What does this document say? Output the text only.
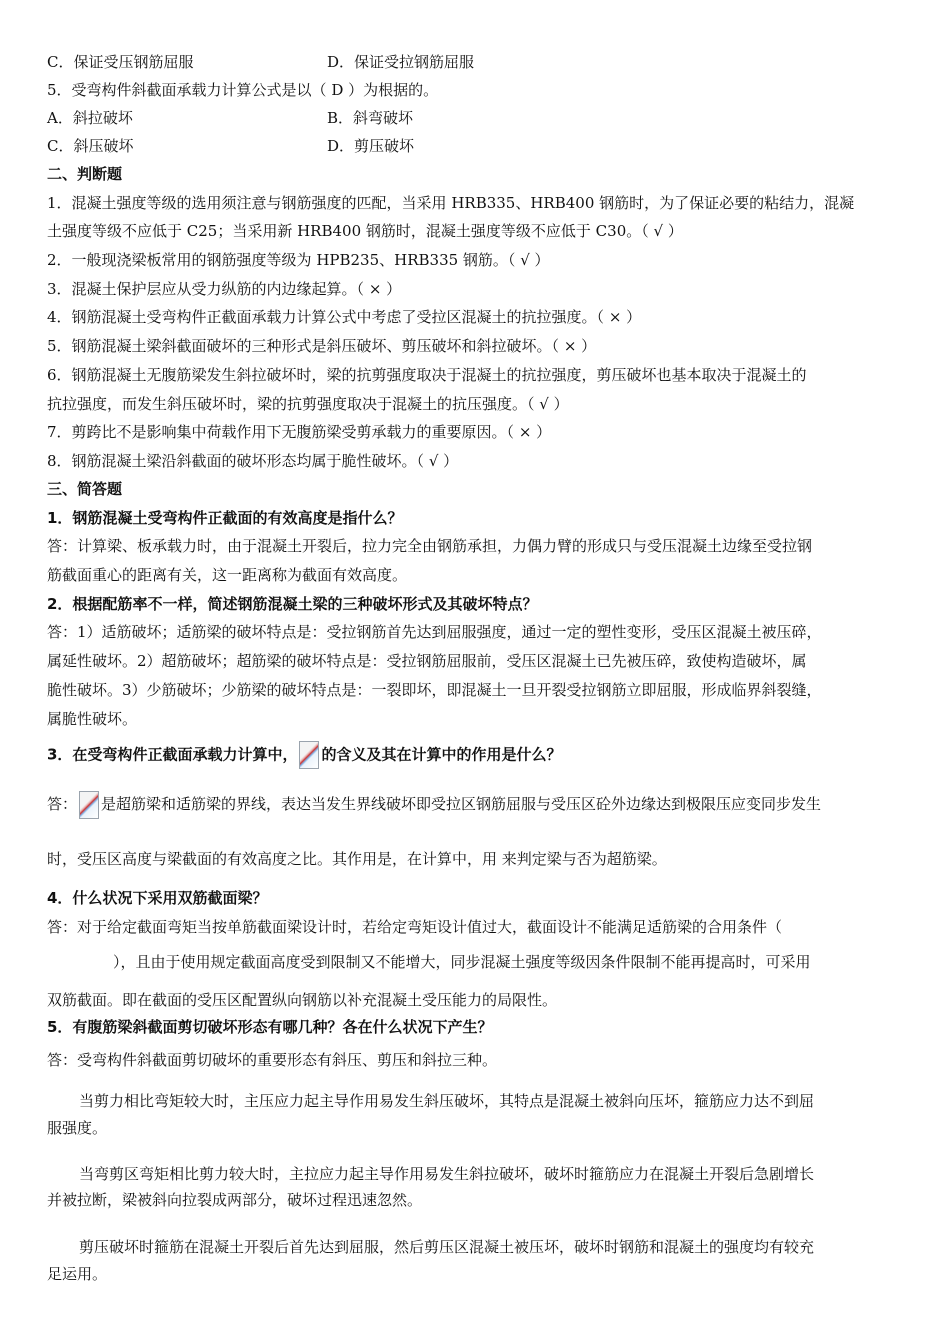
C．保证受压钢筋屈服	D．保证受拉钢筋屈服
5．受弯构件斜截面承载力计算公式是以（ D ）为根据的。
A．斜拉破坏	B．斜弯破坏
C．斜压破坏	D．剪压破坏
二、判断题
1．混凝土强度等级的选用须注意与钢筋强度的匹配，当采用 HRB335、HRB400 钢筋时，为了保证必要的粘结力，混凝
土强度等级不应低于 C25；当采用新 HRB400 钢筋时，混凝土强度等级不应低于 C30。（ √ ）
2．一般现浇梁板常用的钢筋强度等级为 HPB235、HRB335 钢筋。（ √ ）
3．混凝土保护层应从受力纵筋的内边缘起算。（ × ）
4．钢筋混凝土受弯构件正截面承载力计算公式中考虑了受拉区混凝土的抗拉强度。（ × ）
5．钢筋混凝土梁斜截面破坏的三种形式是斜压破坏、剪压破坏和斜拉破坏。（ × ）
6．钢筋混凝土无腹筋梁发生斜拉破坏时，梁的抗剪强度取决于混凝土的抗拉强度，剪压破坏也基本取决于混凝土的
抗拉强度，而发生斜压破坏时，梁的抗剪强度取决于混凝土的抗压强度。（ √ ）
7．剪跨比不是影响集中荷载作用下无腹筋梁受剪承载力的重要原因。（ × ）
8．钢筋混凝土梁沿斜截面的破坏形态均属于脆性破坏。（ √ ）
三、简答题
1．钢筋混凝土受弯构件正截面的有效高度是指什么？
答：计算梁、板承载力时，由于混凝土开裂后，拉力完全由钢筋承担，力偶力臂的形成只与受压混凝土边缘至受拉钢
筋截面重心的距离有关，这一距离称为截面有效高度。
2．根据配筋率不一样，简述钢筋混凝土梁的三种破坏形式及其破坏特点？
答：1）适筋破坏；适筋梁的破坏特点是：受拉钢筋首先达到屈服强度，通过一定的塑性变形，受压区混凝土被压碎，
属延性破坏。2）超筋破坏；超筋梁的破坏特点是：受拉钢筋屈服前，受压区混凝土已先被压碎，致使构造破坏，属
脆性破坏。3）少筋破坏；少筋梁的破坏特点是：一裂即坏，即混凝土一旦开裂受拉钢筋立即屈服，形成临界斜裂缝，
属脆性破坏。
3．在受弯构件正截面承载力计算中， 的含义及其在计算中的作用是什么？
答： 是超筋梁和适筋梁的界线，表达当发生界线破坏即受拉区钢筋屈服与受压区砼外边缘达到极限压应变同步发生
时，受压区高度与梁截面的有效高度之比。其作用是，在计算中，用 来判定梁与否为超筋梁。
4．什么状况下采用双筋截面梁？
答：对于给定截面弯矩当按单筋截面梁设计时，若给定弯矩设计值过大，截面设计不能满足适筋梁的合用条件（
），且由于使用规定截面高度受到限制又不能增大，同步混凝土强度等级因条件限制不能再提高时，可采用
双筋截面。即在截面的受压区配置纵向钢筋以补充混凝土受压能力的局限性。
5．有腹筋梁斜截面剪切破坏形态有哪几种？各在什么状况下产生？
答：受弯构件斜截面剪切破坏的重要形态有斜压、剪压和斜拉三种。
当剪力相比弯矩较大时，主压应力起主导作用易发生斜压破坏，其特点是混凝土被斜向压坏，箍筋应力达不到屈
服强度。
当弯剪区弯矩相比剪力较大时，主拉应力起主导作用易发生斜拉破坏，破坏时箍筋应力在混凝土开裂后急剧增长
并被拉断，梁被斜向拉裂成两部分，破坏过程迅速忽然。
剪压破坏时箍筋在混凝土开裂后首先达到屈服，然后剪压区混凝土被压坏，破坏时钢筋和混凝土的强度均有较充
足运用。
